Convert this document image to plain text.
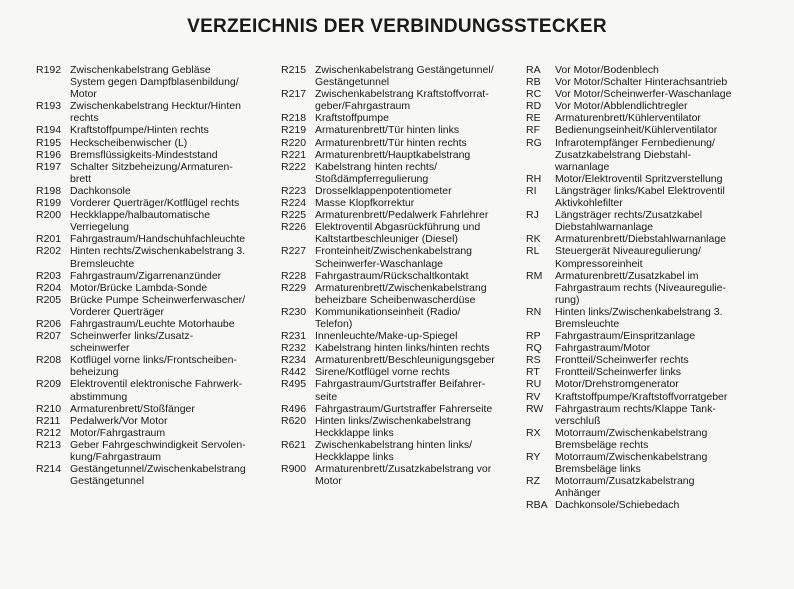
VERZEICHNIS DER VERBINDUNGSSTECKER
R192 Zwischenkabelstrang Gebläse
System gegen Dampfblasenbildung/
Motor
R193 Zwischenkabelstrang Hecktur/Hinten
rechts
R194 Kraftstoffpumpe/Hinten rechts
R195 Heckscheibenwischer (L)
R196 Bremsflüssigkeits-Mindeststand
R197 Schalter Sitzbeheizung/Armaturen-
brett
R198 Dachkonsole
R199 Vorderer Querträger/Kotflügel rechts
R200 Heckklappe/halbautomatische
Verriegelung
R201 Fahrgastraum/Handschuhfachleuchte
R202 Hinten rechts/Zwischenkabelstrang 3.
Bremsleuchte
R203 Fahrgastraum/Zigarrenanzünder
R204 Motor/Brücke Lambda-Sonde
R205 Brücke Pumpe Scheinwerferwascher/
Vorderer Querträger
R206 Fahrgastraum/Leuchte Motorhaube
R207 Scheinwerfer links/Zusatz-
scheinwerfer
R208 Kotflügel vorne links/Frontscheiben-
beheizung
R209 Elektroventil elektronische Fahrwerk-
abstimmung
R210 Armaturenbrett/Stoßfänger
R211 Pedalwerk/Vor Motor
R212 Motor/Fahrgastraum
R213 Geber Fahrgeschwindigkeit Servolen-
kung/Fahrgastraum
R214 Gestängetunnel/Zwischenkabelstrang
Gestängetunnel
R215 Zwischenkabelstrang Gestängetunnel/
Gestängetunnel
R217 Zwischenkabelstrang Kraftstoffvorrat-
geber/Fahrgastraum
R218 Kraftstoffpumpe
R219 Armaturenbrett/Tür hinten links
R220 Armaturenbrett/Tür hinten rechts
R221 Armaturenbrett/Hauptkabelstrang
R222 Kabelstrang hinten rechts/
Stoßdämpferregulierung
R223 Drosselklappenpotentiometer
R224 Masse Klopfkorrektur
R225 Armaturenbrett/Pedalwerk Fahrlehrer
R226 Elektroventil Abgasrückführung und
Kaltstartbeschleuniger (Diesel)
R227 Fronteinheit/Zwischenkabelstrang
Scheinwerfer-Waschanlage
R228 Fahrgastraum/Rückschaltkontakt
R229 Armaturenbrett/Zwischenkabelstrang
beheizbare Scheibenwascherdüse
R230 Kommunikationseinheit (Radio/
Telefon)
R231 Innenleuchte/Make-up-Spiegel
R232 Kabelstrang hinten links/hinten rechts
R234 Armaturenbrett/Beschleunigungsgeber
R442 Sirene/Kotflügel vorne rechts
R495 Fahrgastraum/Gurtstraffer Beifahrer-
seite
R496 Fahrgastraum/Gurtstraffer Fahrerseite
R620 Hinten links/Zwischenkabelstrang
Heckklappe links
R621 Zwischenkabelstrang hinten links/
Heckklappe links
R900 Armaturenbrett/Zusatzkabelstrang vor
Motor
RA	Vor Motor/Bodenblech
RB	Vor Motor/Schalter Hinterachsantrieb
RC	Vor Motor/Scheinwerfer-Waschanlage
RD	Vor Motor/Abblendlichtregler
RE	Armaturenbrett/Kühlerventilator
RF	Bedienungseinheit/Kühlerventilator
RG	Infrarotempfänger Fernbedienung/
Zusatzkabelstrang Diebstahl-
warnanlage
RH	Motor/Elektroventil Spritzverstellung
RI	Längsträger links/Kabel Elektroventil
Aktivkohlefilter
RJ	Längsträger rechts/Zusatzkabel
Diebstahlwarnanlage
RK	Armaturenbrett/Diebstahlwarnanlage
RL	Steuergerät Niveauregulierung/
Kompressoreinheit
RM	Armaturenbrett/Zusatzkabel im
Fahrgastraum rechts (Niveauregulie-
rung)
RN	Hinten links/Zwischenkabelstrang 3.
Bremsleuchte
RP	Fahrgastraum/Einspritzanlage
RQ	Fahrgastraum/Motor
RS	Frontteil/Scheinwerfer rechts
RT	Frontteil/Scheinwerfer links
RU	Motor/Drehstromgenerator
RV	Kraftstoffpumpe/Kraftstoffvorratgeber
RW	Fahrgastraum rechts/Klappe Tank-
verschluß
RX	Motorraum/Zwischenkabelstrang
Bremsbeläge rechts
RY	Motorraum/Zwischenkabelstrang
Bremsbeläge links
RZ	Motorraum/Zusatzkabelstrang
Anhänger
RBA Dachkonsole/Schiebedach
